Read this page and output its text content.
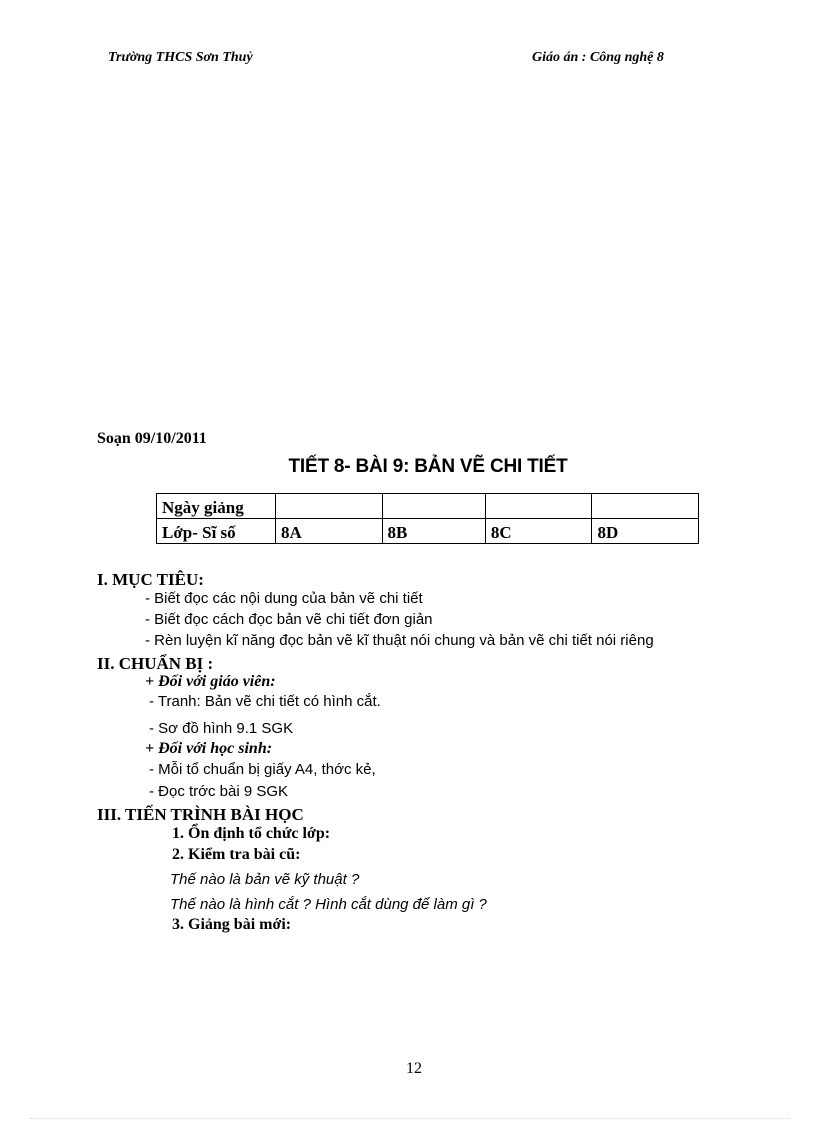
Trường THCS Sơn Thuỷ	Giáo án : Công nghệ 8
Soạn 09/10/2011
TIẾT 8- BÀI 9: BẢN VẼ CHI TIẾT
Ngày giảng				
Lớp- Sĩ số	8A	8B	8C	8D
I. MỤC TIÊU:
- Biết đọc các nội dung của bản vẽ chi tiết
- Biết đọc cách đọc bản vẽ chi tiết đơn giản
- Rèn luyện kĩ năng đọc bản vẽ kĩ thuật nói chung và bản vẽ chi tiết nói riêng
II. CHUẨN BỊ :
+ Đối với giáo viên:
- Tranh: Bản vẽ chi tiết có hình cắt.
- Sơ đồ hình 9.1 SGK
+ Đối với học sinh:
- Mỗi tổ chuẩn bị giấy A4, thớc kẻ,
- Đọc trớc bài 9 SGK
III. TIẾN TRÌNH BÀI HỌC
1. Ổn định tổ chức lớp:
2. Kiểm tra bài cũ:
Thế nào là bản vẽ kỹ thuật ?
Thế nào là hình cắt ? Hình cắt dùng để làm gì ?
3. Giảng bài mới:
12
